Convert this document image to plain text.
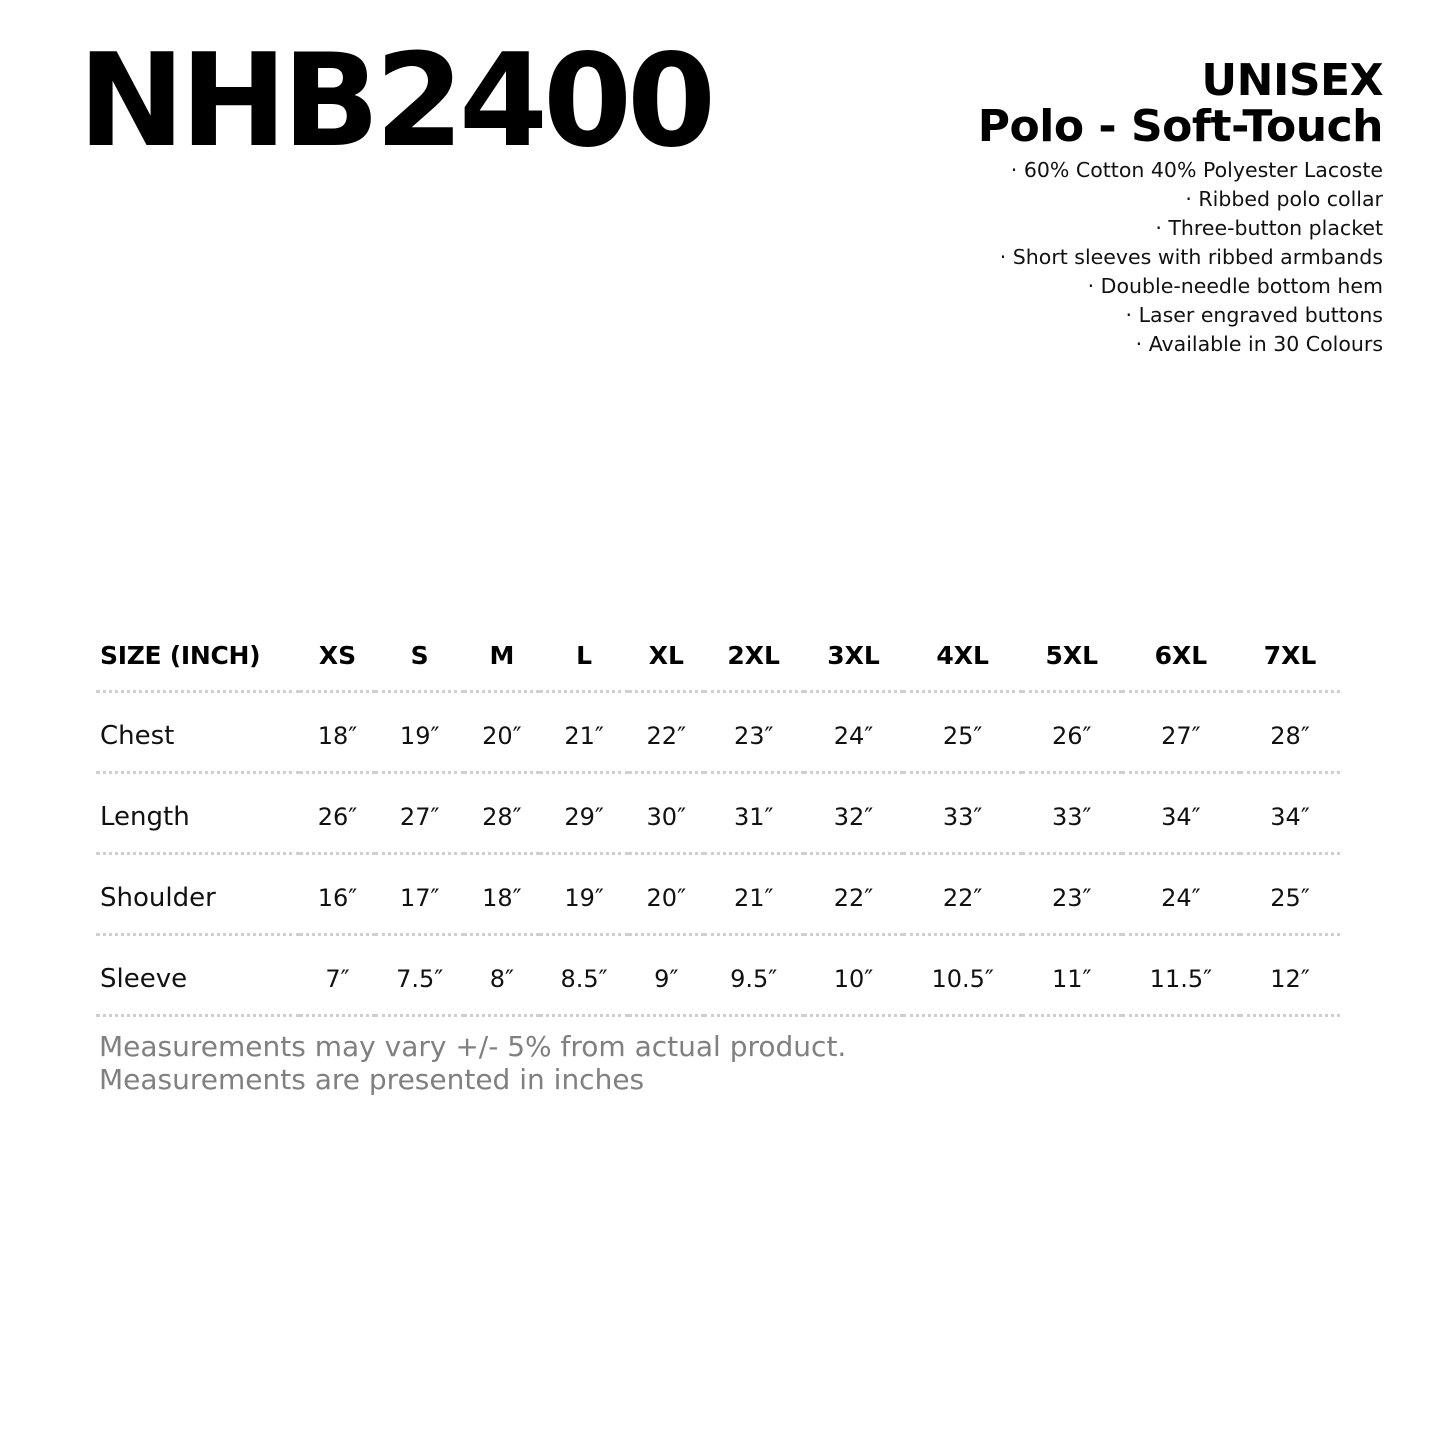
NHB2400	UNISEX
Polo - Soft-Touch
· 60% Cotton 40% Polyester Lacoste
· Ribbed polo collar
· Three-button placket
· Short sleeves with ribbed armbands
· Double-needle bottom hem
· Laser engraved buttons
· Available in 30 Colours
SIZE (INCH)	XS	S	M	L	XL	2XL	3XL	4XL	5XL	6XL	7XL
Chest	18″	19″	20″	21″	22″	23″	24″	25″	26″	27″	28″
Length	26″	27″	28″	29″	30″	31″	32″	33″	33″	34″	34″
Shoulder	16″	17″	18″	19″	20″	21″	22″	22″	23″	24″	25″
Sleeve	7″	7.5″	8″	8.5″	9″	9.5″	10″	10.5″	11″	11.5″	12″
Measurements may vary +/- 5% from actual product.
Measurements are presented in inches
